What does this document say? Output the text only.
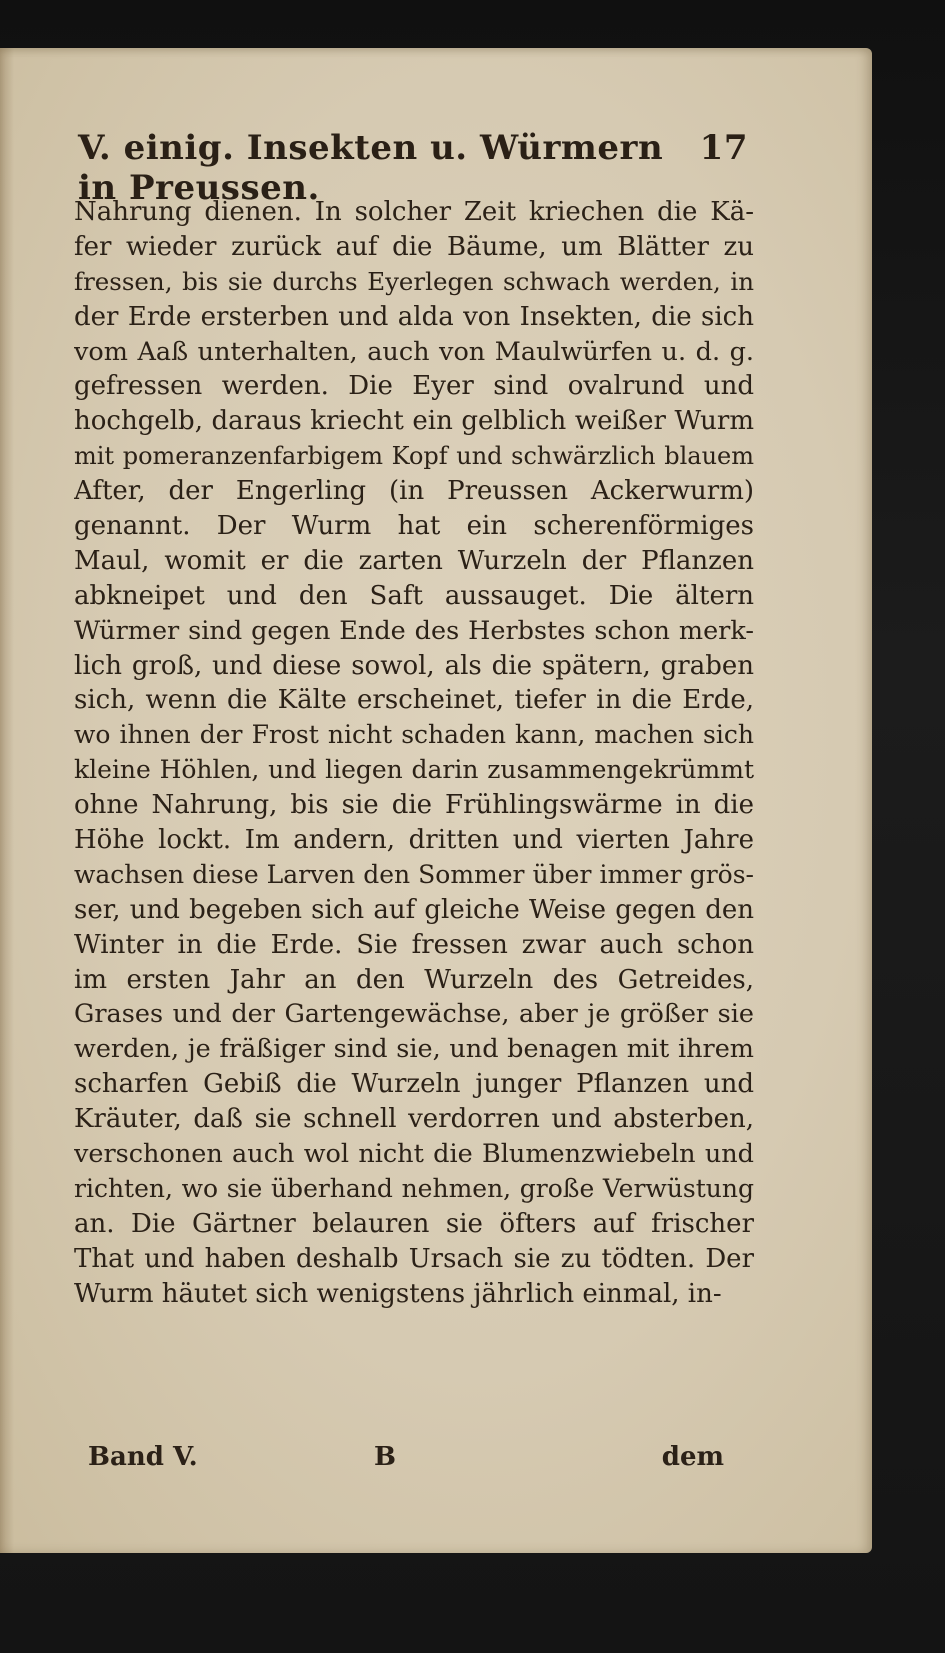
V. einig. Insekten u. Würmern in Preussen.
17
Nahrung dienen. In solcher Zeit kriechen die Kä-
fer wieder zurück auf die Bäume, um Blätter zu
fressen, bis sie durchs Eyerlegen schwach werden, in
der Erde ersterben und alda von Insekten, die sich
vom Aaß unterhalten, auch von Maulwürfen u. d. g.
gefressen werden. Die Eyer sind ovalrund und
hochgelb, daraus kriecht ein gelblich weißer Wurm
mit pomeranzenfarbigem Kopf und schwärzlich blauem
After, der Engerling (in Preussen Ackerwurm)
genannt. Der Wurm hat ein scherenförmiges
Maul, womit er die zarten Wurzeln der Pflanzen
abkneipet und den Saft aussauget. Die ältern
Würmer sind gegen Ende des Herbstes schon merk-
lich groß, und diese sowol, als die spätern, graben
sich, wenn die Kälte erscheinet, tiefer in die Erde,
wo ihnen der Frost nicht schaden kann, machen sich
kleine Höhlen, und liegen darin zusammengekrümmt
ohne Nahrung, bis sie die Frühlingswärme in die
Höhe lockt. Im andern, dritten und vierten Jahre
wachsen diese Larven den Sommer über immer grös-
ser, und begeben sich auf gleiche Weise gegen den
Winter in die Erde. Sie fressen zwar auch schon
im ersten Jahr an den Wurzeln des Getreides,
Grases und der Gartengewächse, aber je größer sie
werden, je fräßiger sind sie, und benagen mit ihrem
scharfen Gebiß die Wurzeln junger Pflanzen und
Kräuter, daß sie schnell verdorren und absterben,
verschonen auch wol nicht die Blumenzwiebeln und
richten, wo sie überhand nehmen, große Verwüstung
an. Die Gärtner belauren sie öfters auf frischer
That und haben deshalb Ursach sie zu tödten. Der
Wurm häutet sich wenigstens jährlich einmal, in-
Band V.	B	dem
